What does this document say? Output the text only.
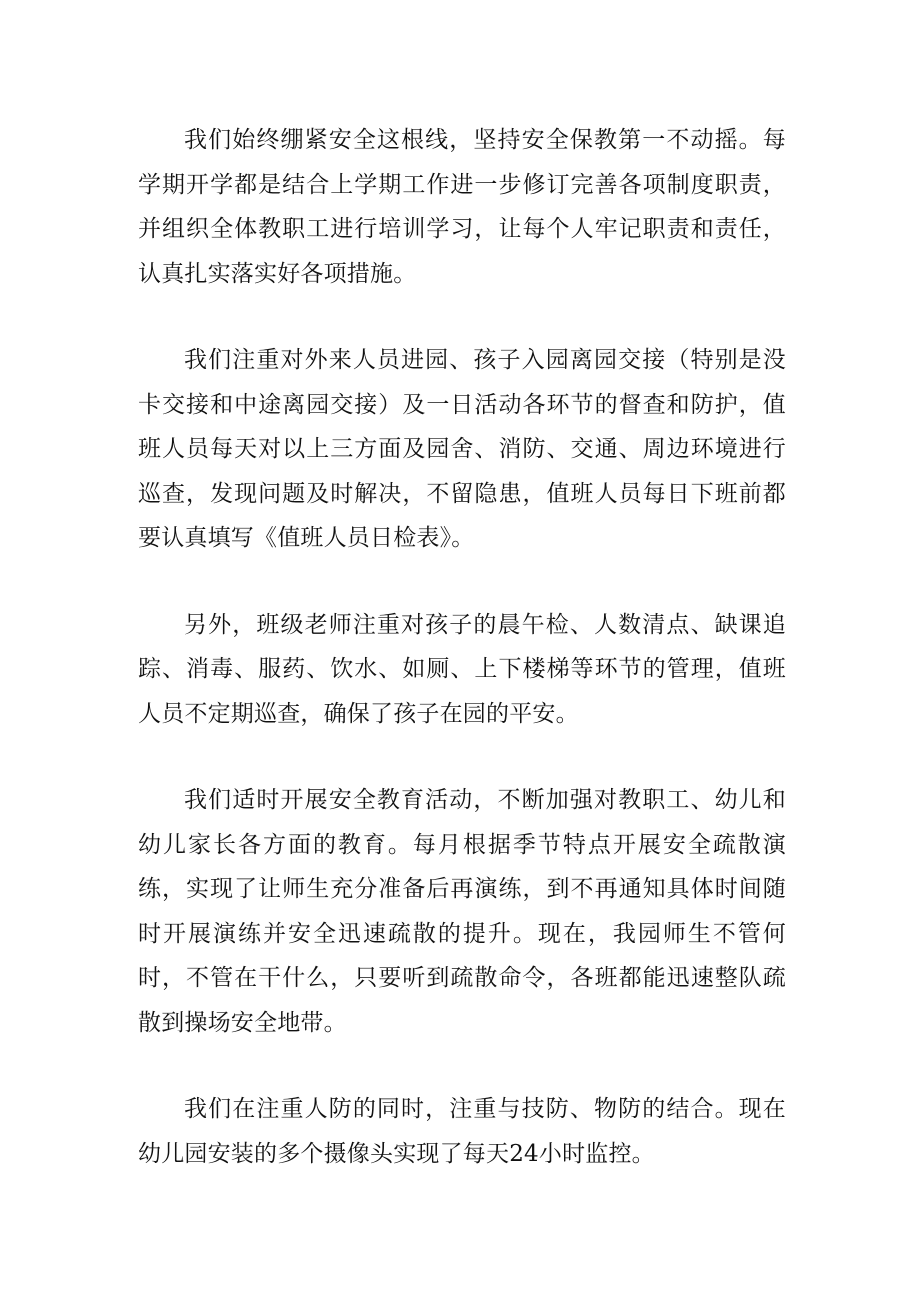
我们始终绷紧安全这根线，坚持安全保教第一不动摇。每学期开学都是结合上学期工作进一步修订完善各项制度职责，并组织全体教职工进行培训学习，让每个人牢记职责和责任，认真扎实落实好各项措施。

我们注重对外来人员进园、孩子入园离园交接（特别是没卡交接和中途离园交接）及一日活动各环节的督查和防护，值班人员每天对以上三方面及园舍、消防、交通、周边环境进行巡查，发现问题及时解决，不留隐患，值班人员每日下班前都要认真填写《值班人员日检表》。

另外，班级老师注重对孩子的晨午检、人数清点、缺课追踪、消毒、服药、饮水、如厕、上下楼梯等环节的管理，值班人员不定期巡查，确保了孩子在园的平安。

我们适时开展安全教育活动，不断加强对教职工、幼儿和幼儿家长各方面的教育。每月根据季节特点开展安全疏散演练，实现了让师生充分准备后再演练，到不再通知具体时间随时开展演练并安全迅速疏散的提升。现在，我园师生不管何时，不管在干什么，只要听到疏散命令，各班都能迅速整队疏散到操场安全地带。

我们在注重人防的同时，注重与技防、物防的结合。现在幼儿园安装的多个摄像头实现了每天24小时监控。
